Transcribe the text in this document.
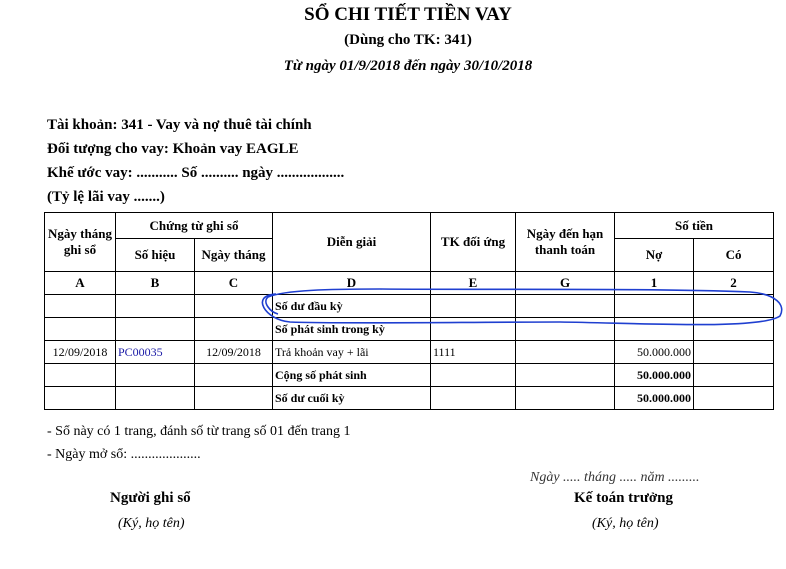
SỔ CHI TIẾT TIỀN VAY
(Dùng cho TK: 341)
Từ ngày 01/9/2018 đến ngày 30/10/2018
Tài khoản: 341 - Vay và nợ thuê tài chính
Đối tượng cho vay: Khoản vay EAGLE
Khế ước vay: ........... Số .......... ngày ..................
(Tỷ lệ lãi vay .......)
Ngày tháng ghi sổ	Chứng từ ghi sổ		Diễn giải	TK đối ứng	Ngày đến hạn thanh toán	Số tiền	
	Số hiệu	Ngày tháng				Nợ	Có
A	B	C	D	E	G	1	2
			Số dư đầu kỳ				
			Số phát sinh trong kỳ				
12/09/2018	PC00035	12/09/2018	Trả khoản vay + lãi	1111		50.000.000	
			Cộng số phát sinh			50.000.000	
			Số dư cuối kỳ			50.000.000	
- Sổ này có 1 trang, đánh số từ trang số 01 đến trang 1
- Ngày mở sổ: ....................
Ngày ..... tháng ..... năm .........
Người ghi sổ
(Ký, họ tên)
Kế toán trưởng
(Ký, họ tên)
